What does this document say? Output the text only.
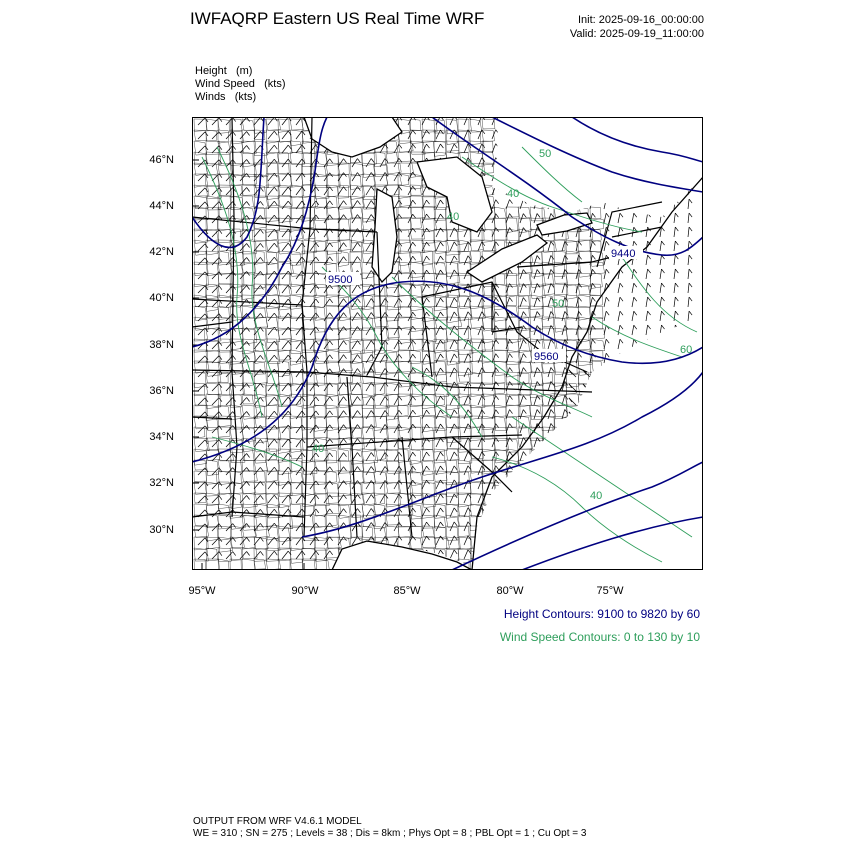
IWFAQRP Eastern US Real Time WRF	Init: 2025-09-16_00:00:00
Valid: 2025-09-19_11:00:00
Height   (m)
Wind Speed   (kts)
Winds   (kts)
46°N
44°N
42°N
40°N
38°N
36°N
34°N
32°N
30°N
95°W	90°W	85°W	80°W	75°W
40
40
50
50
40
60
40
9500
9560
9440
Height Contours: 9100 to 9820 by 60
Wind Speed Contours: 0 to 130 by 10
OUTPUT FROM WRF V4.6.1 MODEL
WE = 310 ; SN = 275 ; Levels = 38 ; Dis = 8km ; Phys Opt = 8 ; PBL Opt = 1 ; Cu Opt = 3
